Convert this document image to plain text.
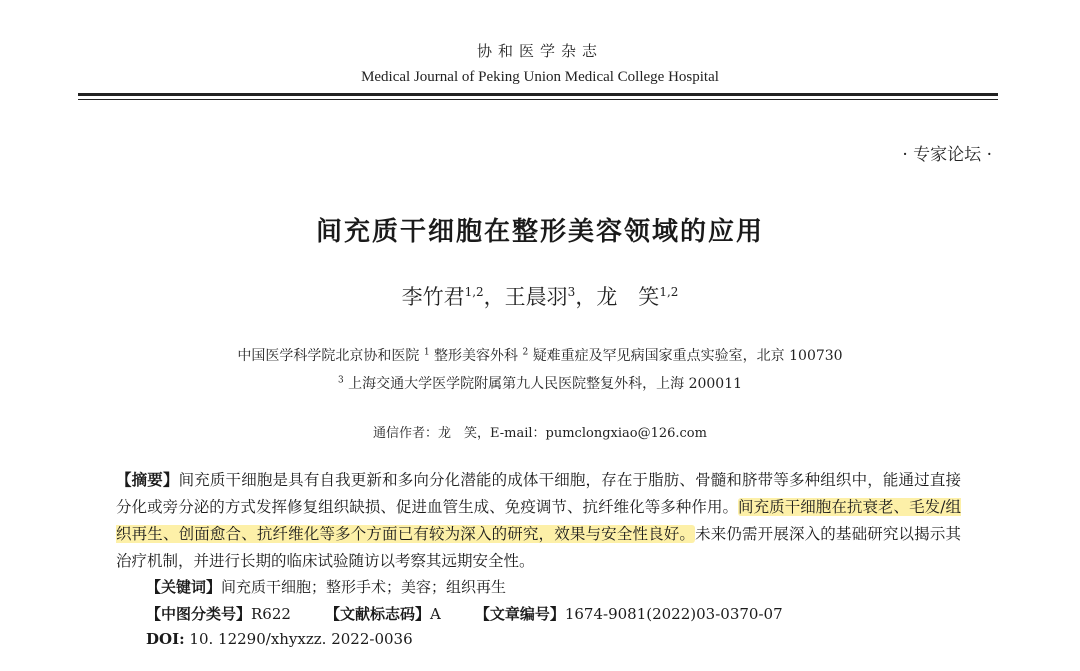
协和医学杂志
Medical Journal of Peking Union Medical College Hospital
· 专家论坛 ·
间充质干细胞在整形美容领域的应用
李竹君$^{1,2}$，王晨羽$^3$，龙　笑$^{1,2}$
中国医学科学院北京协和医院 $^1$ 整形美容外科 $^2$ 疑难重症及罕见病国家重点实验室，北京 100730
$^3$ 上海交通大学医学院附属第九人民医院整复外科，上海 200011
通信作者：龙　笑，E-mail：pumclongxiao@126.com

【摘要】间充质干细胞是具有自我更新和多向分化潜能的成体干细胞，存在于脂肪、骨髓和脐带等多种组织中，能通过直接分化或旁分泌的方式发挥修复组织缺损、促进血管生成、免疫调节、抗纤维化等多种作用。间充质干细胞在抗衰老、毛发/组织再生、创面愈合、抗纤维化等多个方面已有较为深入的研究，效果与安全性良好。未来仍需开展深入的基础研究以揭示其治疗机制，并进行长期的临床试验随访以考察其远期安全性。

【关键词】间充质干细胞；整形手术；美容；组织再生
【中图分类号】R622 【文献标志码】A 【文章编号】1674-9081(2022)03-0370-07
DOI: 10. 12290/xhyxzz. 2022-0036
